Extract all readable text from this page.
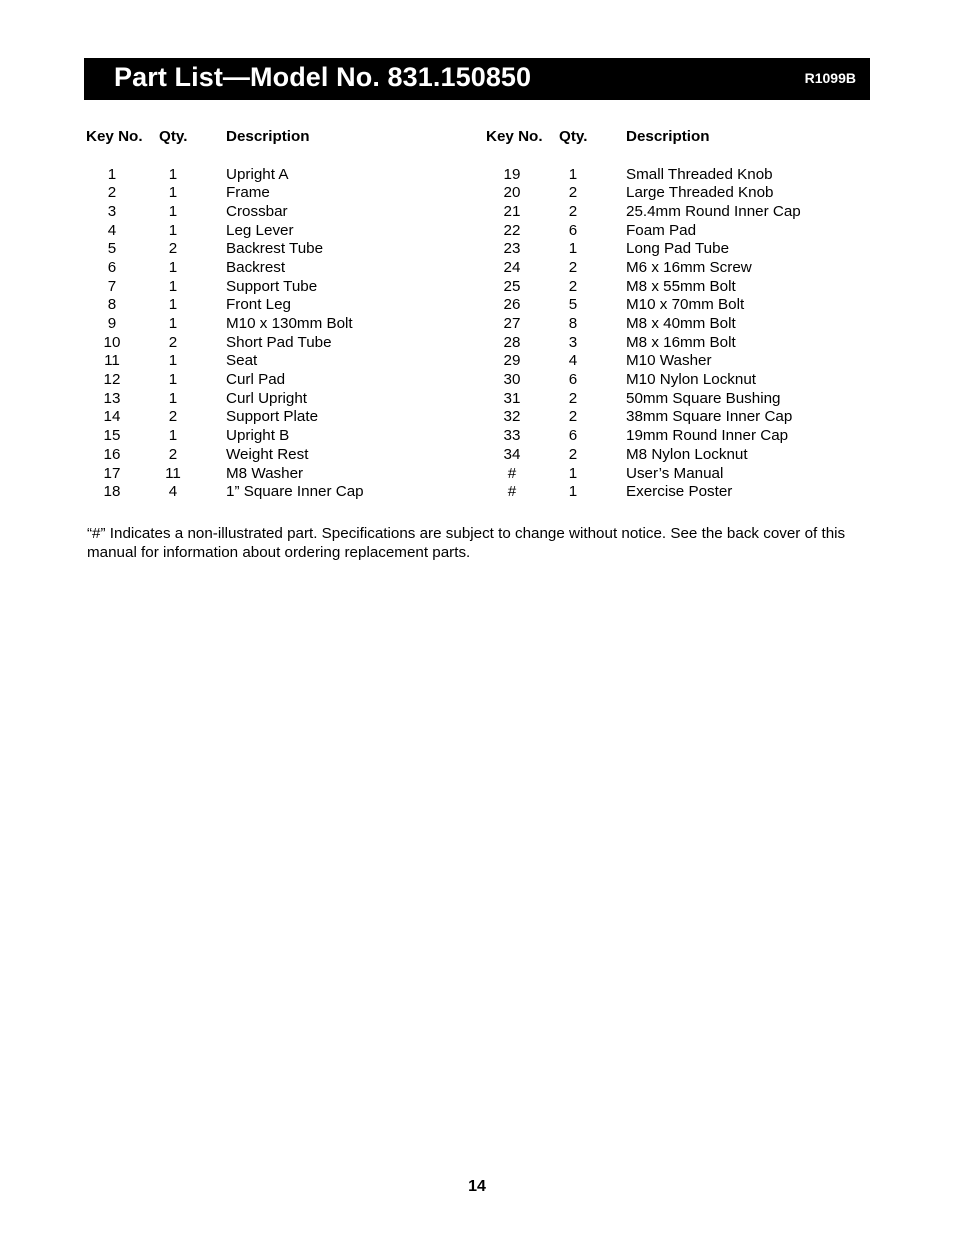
Part List—Model No. 831.150850	R1099B
Key No. Qty.	Description
1	1	Upright A
2	1	Frame
3	1	Crossbar
4	1	Leg Lever
5	2	Backrest Tube
6	1	Backrest
7	1	Support Tube
8	1	Front Leg
9	1	M10 x 130mm Bolt
10	2	Short Pad Tube
11	1	Seat
12	1	Curl Pad
13	1	Curl Upright
14	2	Support Plate
15	1	Upright B
16	2	Weight Rest
17	11	M8 Washer
18	4	1” Square Inner Cap
Key No. Qty.	Description
19	1	Small Threaded Knob
20	2	Large Threaded Knob
21	2	25.4mm Round Inner Cap
22	6	Foam Pad
23	1	Long Pad Tube
24	2	M6 x 16mm Screw
25	2	M8 x 55mm Bolt
26	5	M10 x 70mm Bolt
27	8	M8 x 40mm Bolt
28	3	M8 x 16mm Bolt
29	4	M10 Washer
30	6	M10 Nylon Locknut
31	2	50mm Square Bushing
32	2	38mm Square Inner Cap
33	6	19mm Round Inner Cap
34	2	M8 Nylon Locknut
#	1	User’s Manual
#	1	Exercise Poster
“#” Indicates a non-illustrated part. Specifications are subject to change without notice. See the back cover of this manual for information about ordering replacement parts.
14
